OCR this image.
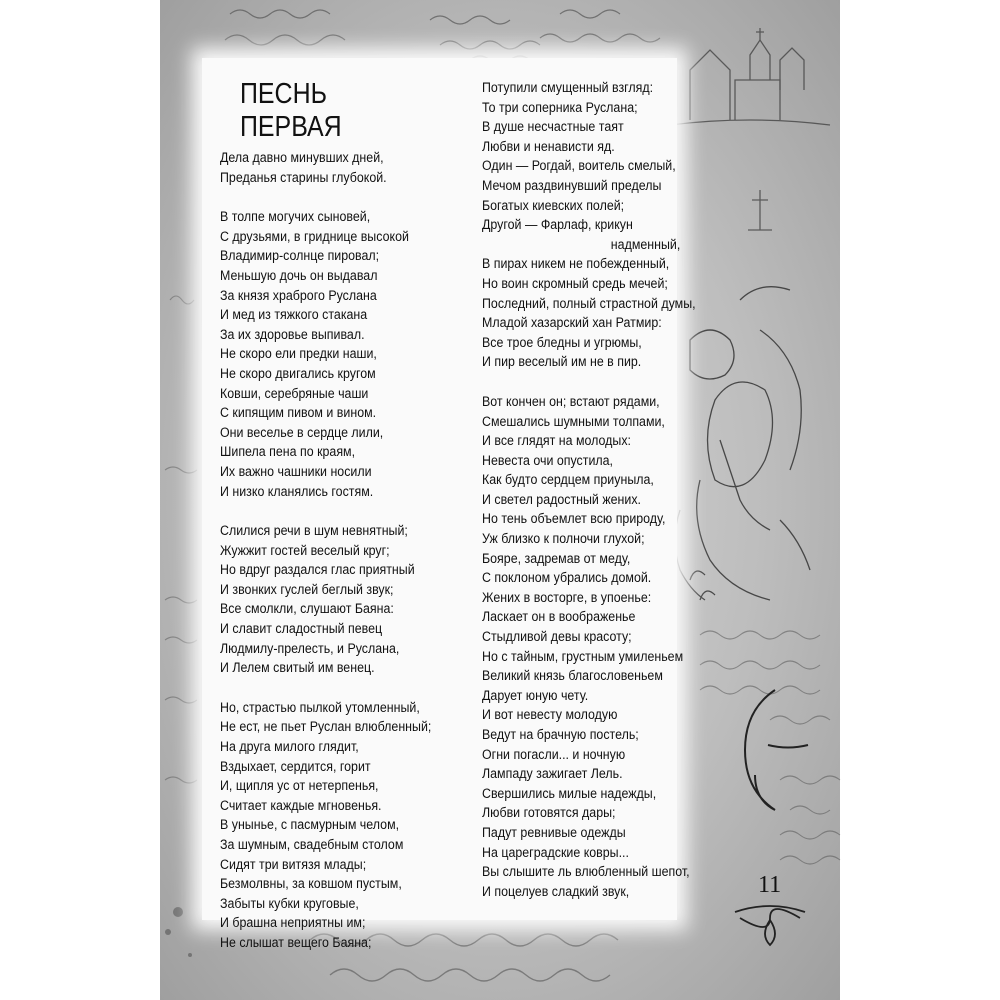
ПЕСНЬ ПЕРВАЯ
Дела давно минувших дней,
Преданья старины глубокой.
В толпе могучих сыновей,
С друзьями, в гриднице высокой
Владимир-солнце пировал;
Меньшую дочь он выдавал
За князя храброго Руслана
И мед из тяжкого стакана
За их здоровье выпивал.
Не скоро ели предки наши,
Не скоро двигались кругом
Ковши, серебряные чаши
С кипящим пивом и вином.
Они веселье в сердце лили,
Шипела пена по краям,
Их важно чашники носили
И низко кланялись гостям.
Слилися речи в шум невнятный;
Жужжит гостей веселый круг;
Но вдруг раздался глас приятный
И звонких гуслей беглый звук;
Все смолкли, слушают Баяна:
И славит сладостный певец
Людмилу-прелесть, и Руслана,
И Лелем свитый им венец.
Но, страстью пылкой утомленный,
Не ест, не пьет Руслан влюбленный;
На друга милого глядит,
Вздыхает, сердится, горит
И, щипля ус от нетерпенья,
Считает каждые мгновенья.
В унынье, с пасмурным челом,
За шумным, свадебным столом
Сидят три витязя млады;
Безмолвны, за ковшом пустым,
Забыты кубки круговые,
И брашна неприятны им;
Не слышат вещего Баяна;
Потупили смущенный взгляд:
То три соперника Руслана;
В душе несчастные таят
Любви и ненависти яд.
Один — Рогдай, воитель смелый,
Мечом раздвинувший пределы
Богатых киевских полей;
Другой — Фарлаф, крикун
надменный,
В пирах никем не побежденный,
Но воин скромный средь мечей;
Последний, полный страстной думы,
Младой хазарский хан Ратмир:
Все трое бледны и угрюмы,
И пир веселый им не в пир.
Вот кончен он; встают рядами,
Смешались шумными толпами,
И все глядят на молодых:
Невеста очи опустила,
Как будто сердцем приуныла,
И светел радостный жених.
Но тень объемлет всю природу,
Уж близко к полночи глухой;
Бояре, задремав от меду,
С поклоном убрались домой.
Жених в восторге, в упоенье:
Ласкает он в воображенье
Стыдливой девы красоту;
Но с тайным, грустным умиленьем
Великий князь благословеньем
Дарует юную чету.
И вот невесту молодую
Ведут на брачную постель;
Огни погасли... и ночную
Лампаду зажигает Лель.
Свершились милые надежды,
Любви готовятся дары;
Падут ревнивые одежды
На цареградские ковры...
Вы слышите ль влюбленный шепот,
И поцелуев сладкий звук,	11
